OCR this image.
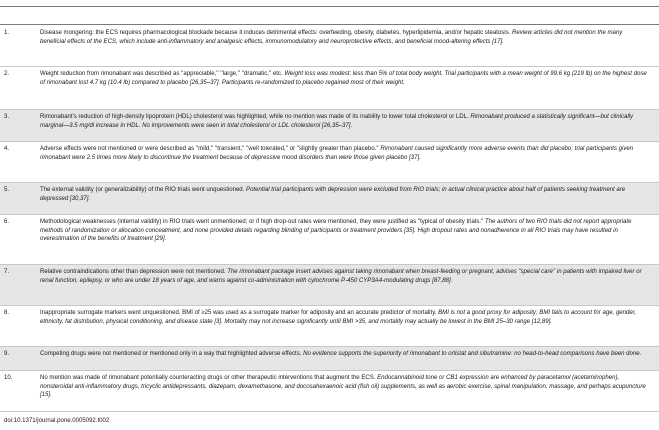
1.	Disease mongering: the ECS requires pharmacological blockade because it induces detrimental effects: overfeeding, obesity, diabetes, hyperlipidemia, and/or hepatic steatosis. Review articles did not mention the many beneficial effects of the ECS, which include anti-inflammatory and analgesic effects, immunomodulatory and neuroprotective effects, and beneficial mood-altering effects [17].
2.	Weight reduction from rimonabant was described as ''appreciable,'' ''large,'' ''dramatic,'' etc. Weight loss was modest: less than 5% of total body weight. Trial participants with a mean weight of 99.6 kg (219 lb) on the highest dose of rimonabant lost 4.7 kg (10.4 lb) compared to placebo [26,35–37]. Participants re-randomized to placebo regained most of their weight.
3.	Rimonabant's reduction of high-density lipoprotein (HDL) cholesterol was highlighted, while no mention was made of its inability to lower total cholesterol or LDL. Rimonabant produced a statistically significant—but clinically marginal—3.5 mg/dl increase in HDL. No improvements were seen in total cholesterol or LDL cholesterol [26,35–37].
4.	Adverse effects were not mentioned or were described as ''mild,'' ''transient,'' ''well tolerated,'' or ''slightly greater than placebo.'' Rimonabant caused significantly more adverse events than did placebo; trial participants given rimonabant were 2.5 times more likely to discontinue the treatment because of depressive mood disorders than were those given placebo [37].
5.	The external validity (or generalizability) of the RIO trials went unquestioned. Potential trial participants with depression were excluded from RIO trials; in actual clinical practice about half of patients seeking treatment are depressed [30,37].
6.	Methodological weaknesses (internal validity) in RIO trials went unmentioned; or if high drop-out rates were mentioned, they were justified as ''typical of obesity trials.'' The authors of two RIO trials did not report appropriate methods of randomization or allocation concealment, and none provided details regarding blinding of participants or treatment providers [35]. High dropout rates and nonadherence in all RIO trials may have resulted in overestimation of the benefits of treatment [29].
7.	Relative contraindications other than depression were not mentioned. The rimonabant package insert advises against taking rimonabant when breast-feeding or pregnant, advises ''special care'' in patients with impaired liver or renal function, epilepsy, or who are under 18 years of age, and warns against co-administration with cytochrome P-450 CYP3A4-modulating drugs [87,88].
8.	Inappropriate surrogate markers went unquestioned. BMI of ≥25 was used as a surrogate marker for adiposity and an accurate predictor of mortality. BMI is not a good proxy for adiposity; BMI fails to account for age, gender, ethnicity, fat distribution, physical conditioning, and disease state [3]. Mortality may not increase significantly until BMI >35, and mortality may actually be lowest in the BMI 25–30 range [12,89].
9.	Competing drugs were not mentioned or mentioned only in a way that highlighted adverse effects. No evidence supports the superiority of rimonabant to orlistat and sibutramine: no head-to-head comparisons have been done.
10.	No mention was made of rimonabant potentially counteracting drugs or other therapeutic interventions that augment the ECS. Endocannabinoid tone or CB1 expression are enhanced by paracetamol (acetaminophen), nonsteroidal anti-inflammatory drugs, tricyclic antidepressants, diazepam, dexamethasone, and docosahexaenoic acid (fish oil) supplements, as well as aerobic exercise, spinal manipulation, massage, and perhaps acupuncture [15].
doi:10.1371/journal.pone.0005092.t002
